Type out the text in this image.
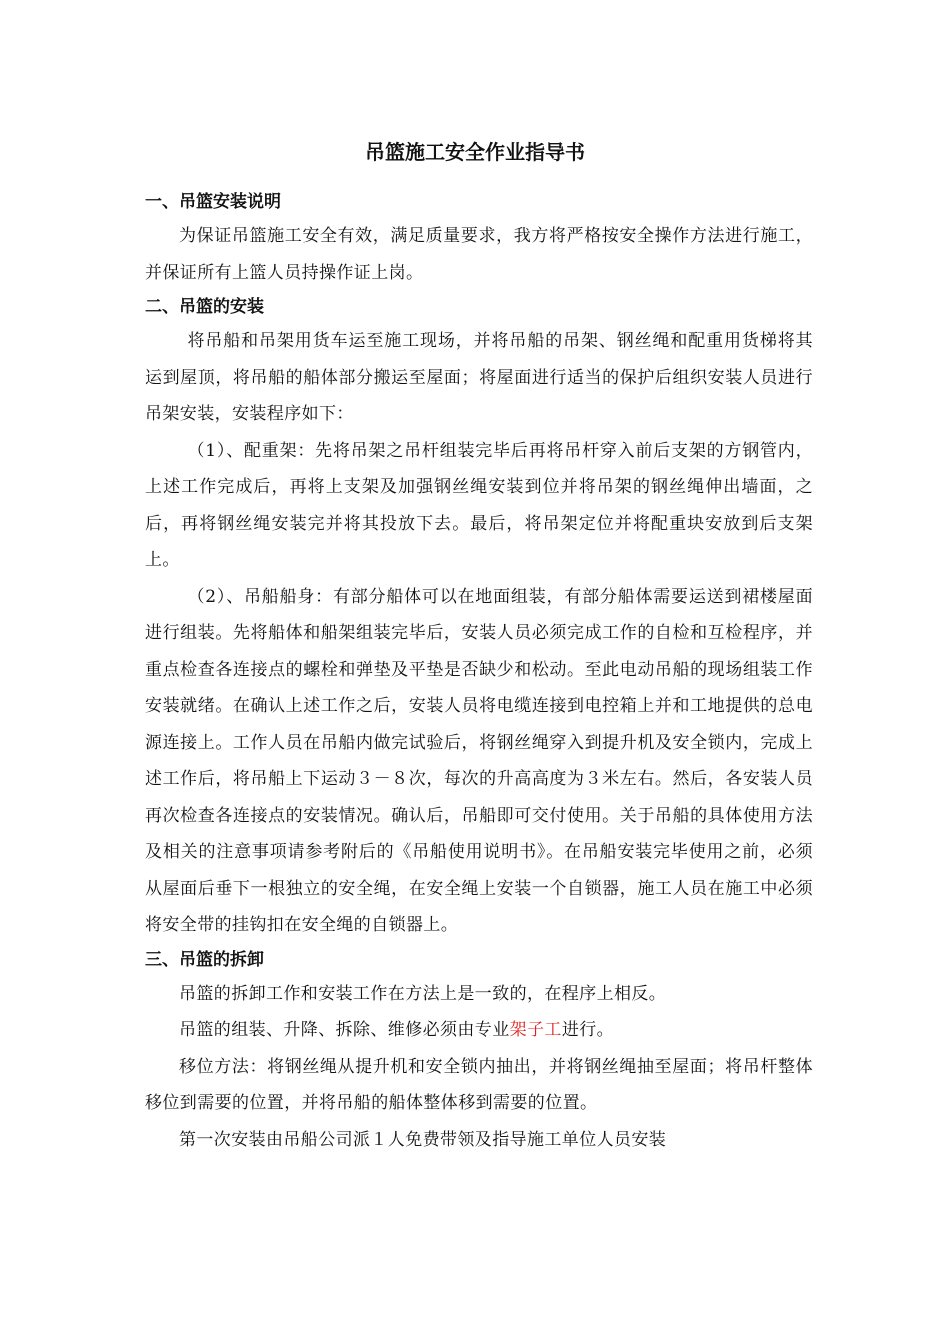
吊篮施工安全作业指导书
一、吊篮安装说明
为保证吊篮施工安全有效，满足质量要求，我方将严格按安全操作方法进行施工，并保证所有上篮人员持操作证上岗。
二、吊篮的安装
将吊船和吊架用货车运至施工现场，并将吊船的吊架、钢丝绳和配重用货梯将其运到屋顶，将吊船的船体部分搬运至屋面；将屋面进行适当的保护后组织安装人员进行吊架安装，安装程序如下：
（1）、配重架：先将吊架之吊杆组装完毕后再将吊杆穿入前后支架的方钢管内，上述工作完成后，再将上支架及加强钢丝绳安装到位并将吊架的钢丝绳伸出墙面，之后，再将钢丝绳安装完并将其投放下去。最后，将吊架定位并将配重块安放到后支架上。
（2）、吊船船身：有部分船体可以在地面组装，有部分船体需要运送到裙楼屋面进行组装。先将船体和船架组装完毕后，安装人员必须完成工作的自检和互检程序，并重点检查各连接点的螺栓和弹垫及平垫是否缺少和松动。至此电动吊船的现场组装工作安装就绪。在确认上述工作之后，安装人员将电缆连接到电控箱上并和工地提供的总电源连接上。工作人员在吊船内做完试验后，将钢丝绳穿入到提升机及安全锁内，完成上述工作后，将吊船上下运动３－８次，每次的升高高度为３米左右。然后，各安装人员再次检查各连接点的安装情况。确认后，吊船即可交付使用。关于吊船的具体使用方法及相关的注意事项请参考附后的《吊船使用说明书》。在吊船安装完毕使用之前，必须从屋面后垂下一根独立的安全绳，在安全绳上安装一个自锁器，施工人员在施工中必须将安全带的挂钩扣在安全绳的自锁器上。
三、吊篮的拆卸
吊篮的拆卸工作和安装工作在方法上是一致的，在程序上相反。
吊篮的组装、升降、拆除、维修必须由专业架子工进行。
移位方法：将钢丝绳从提升机和安全锁内抽出，并将钢丝绳抽至屋面；将吊杆整体移位到需要的位置，并将吊船的船体整体移到需要的位置。
第一次安装由吊船公司派１人免费带领及指导施工单位人员安装
